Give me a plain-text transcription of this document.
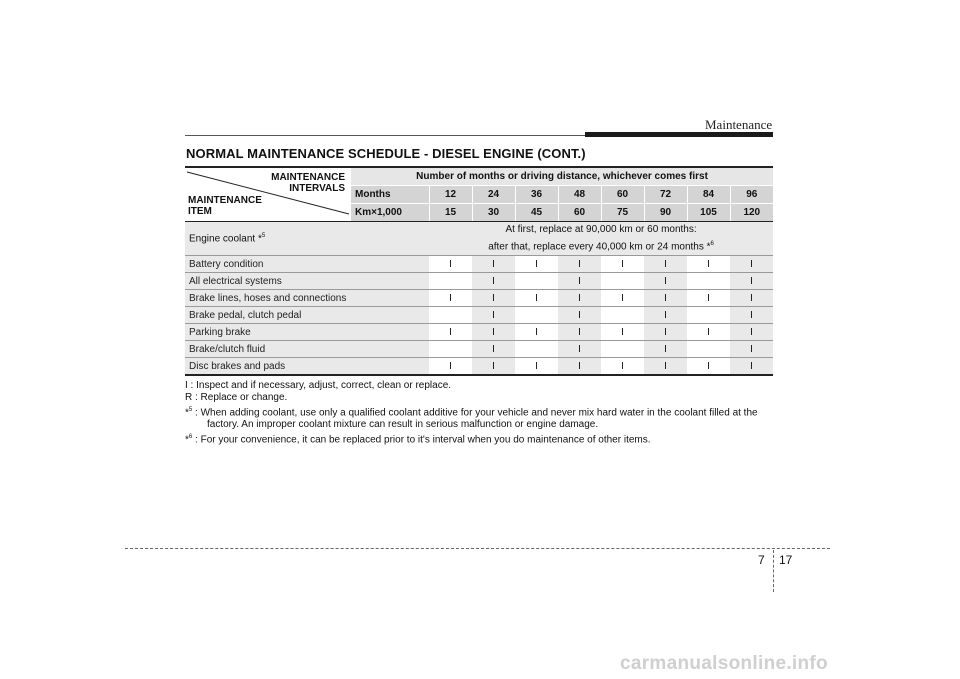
Maintenance
NORMAL MAINTENANCE SCHEDULE - DIESEL ENGINE (CONT.)
MAINTENANCE
INTERVALS
MAINTENANCE
ITEM	Number of months or driving distance, whichever comes first								
	Months	12	24	36	48	60	72	84	96
	Km×1,000	15	30	45	60	75	90	105	120
Engine coolant *$^5$		At first, replace at 90,000 km or 60 months:
after that, replace every 40,000 km or 24 months *$^6$

Battery condition		I	I	I	I	I	I	I	I
All electrical systems			I		I		I		I
Brake lines, hoses and connections		I	I	I	I	I	I	I	I
Brake pedal, clutch pedal			I		I		I		I
Parking brake		I	I	I	I	I	I	I	I
Brake/clutch fluid			I		I		I		I
Disc brakes and pads		I	I	I	I	I	I	I	I

I : Inspect and if necessary, adjust, correct, clean or replace.

R : Replace or change.

*$^5$ : When adding coolant, use only a qualified coolant additive for your vehicle and never mix hard water in the coolant filled at the factory. An improper coolant mixture can result in serious malfunction or engine damage.

*$^6$ : For your convenience, it can be replaced prior to it's interval when you do maintenance of other items.

7 17
carmanualsonline.info
